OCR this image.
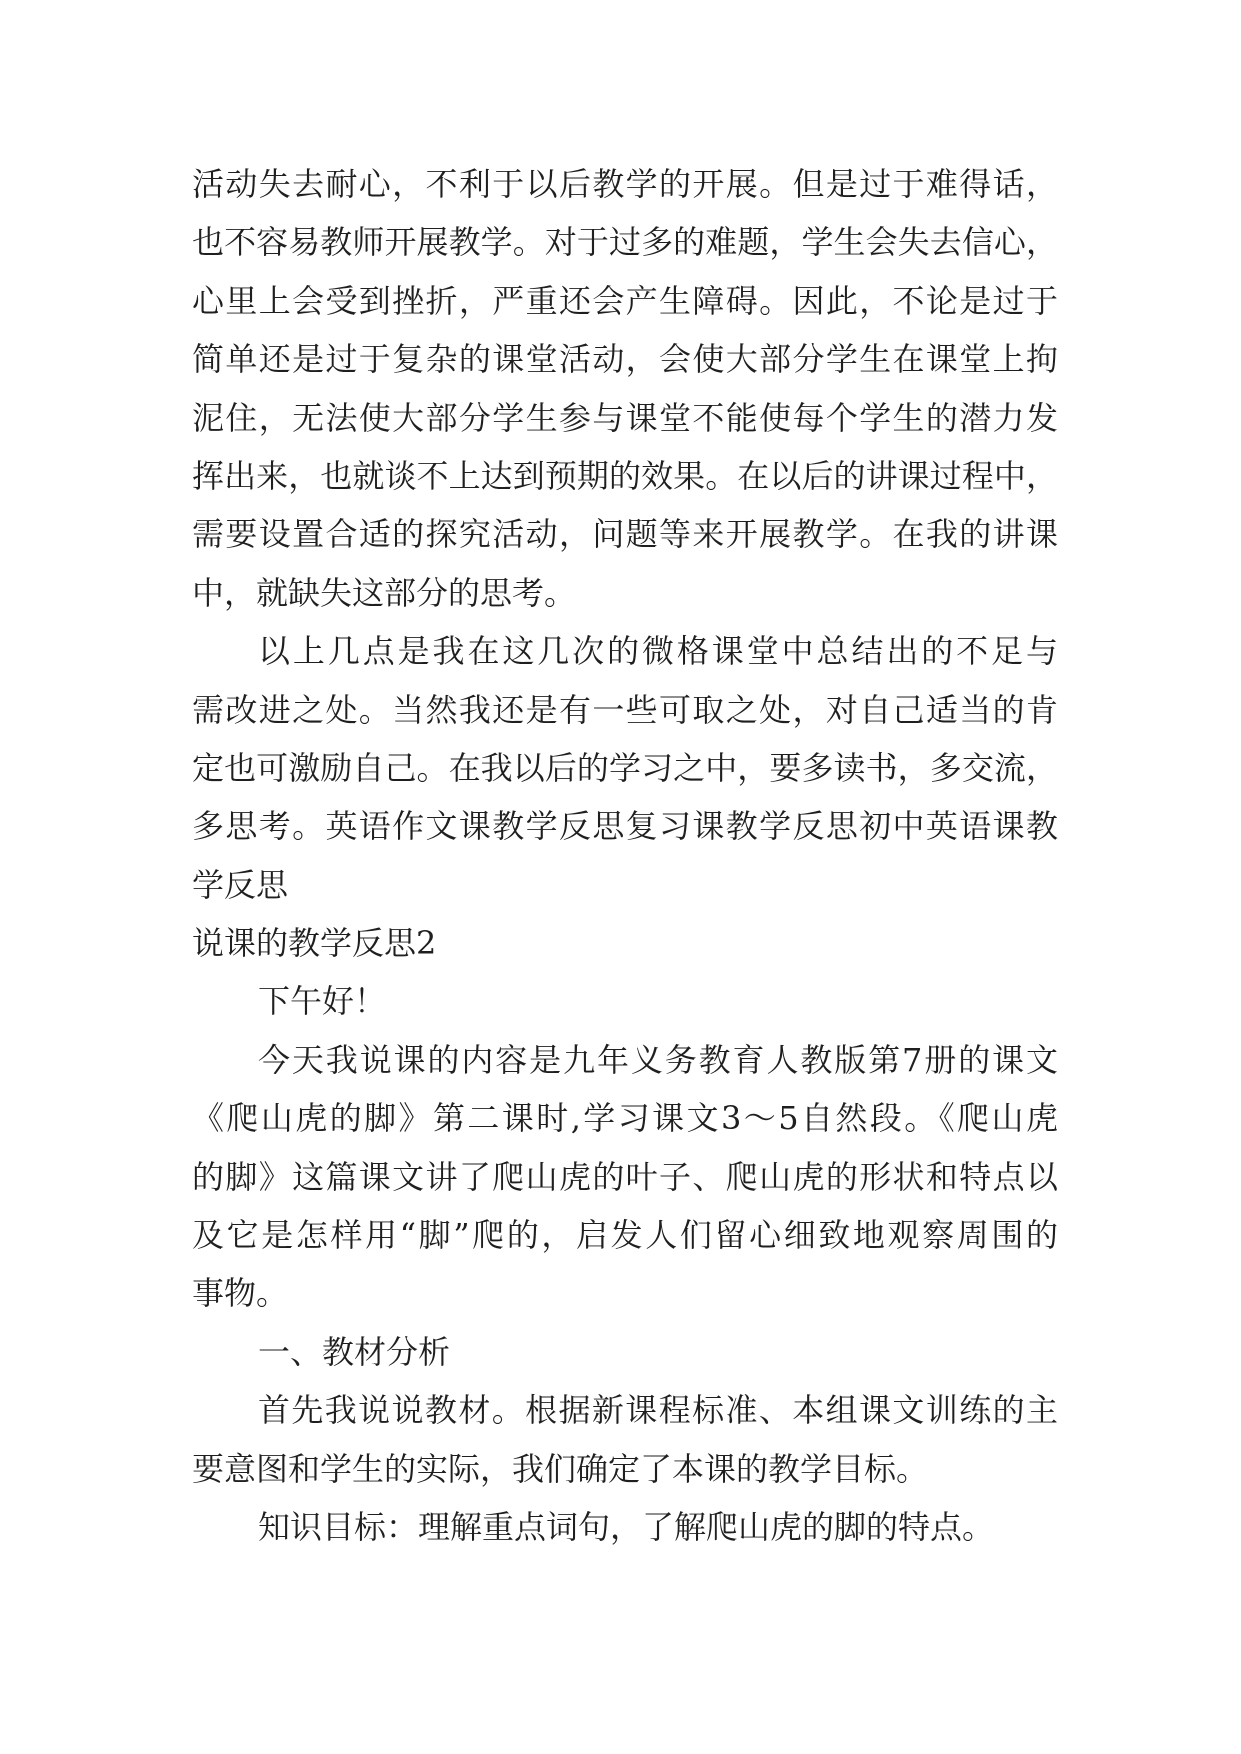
活动失去耐心，不利于以后教学的开展。但是过于难得话，
也不容易教师开展教学。对于过多的难题，学生会失去信心，
心里上会受到挫折，严重还会产生障碍。因此，不论是过于
简单还是过于复杂的课堂活动，会使大部分学生在课堂上拘
泥住，无法使大部分学生参与课堂不能使每个学生的潜力发
挥出来，也就谈不上达到预期的效果。在以后的讲课过程中，
需要设置合适的探究活动，问题等来开展教学。在我的讲课
中，就缺失这部分的思考。
以上几点是我在这几次的微格课堂中总结出的不足与
需改进之处。当然我还是有一些可取之处，对自己适当的肯
定也可激励自己。在我以后的学习之中，要多读书，多交流，
多思考。英语作文课教学反思复习课教学反思初中英语课教
学反思
说课的教学反思2
下午好！
今天我说课的内容是九年义务教育人教版第7册的课文
《爬山虎的脚》第二课时,学习课文3～5自然段。《爬山虎
的脚》这篇课文讲了爬山虎的叶子、爬山虎的形状和特点以
及它是怎样用“脚”爬的，启发人们留心细致地观察周围的
事物。
一、教材分析
首先我说说教材。根据新课程标准、本组课文训练的主
要意图和学生的实际，我们确定了本课的教学目标。
知识目标：理解重点词句，了解爬山虎的脚的特点。
